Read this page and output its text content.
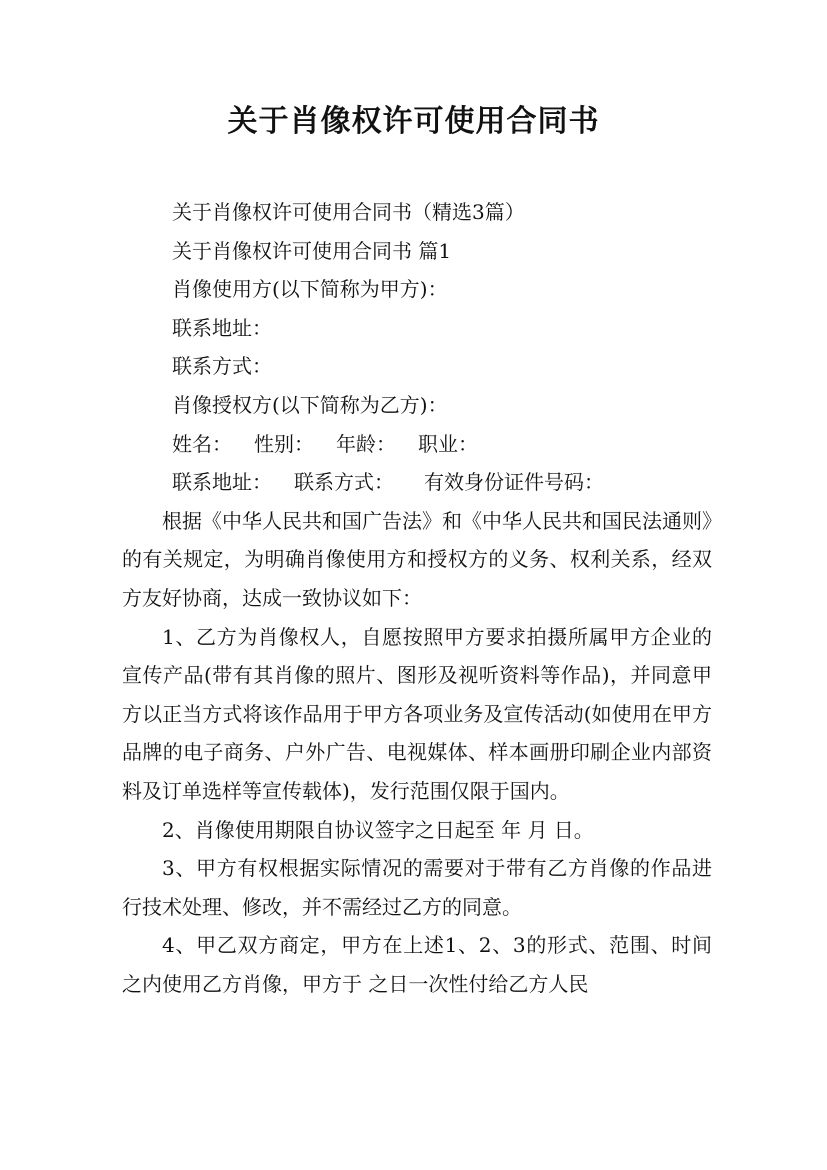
关于肖像权许可使用合同书
关于肖像权许可使用合同书（精选3篇）
关于肖像权许可使用合同书 篇1
肖像使用方(以下简称为甲方)：
联系地址：
联系方式：
肖像授权方(以下简称为乙方)：
姓名： 性别： 年龄： 职业：
联系地址： 联系方式： 有效身份证件号码：

根据《中华人民共和国广告法》和《中华人民共和国民法通则》的有关规定，为明确肖像使用方和授权方的义务、权利关系，经双方友好协商，达成一致协议如下：

1、乙方为肖像权人，自愿按照甲方要求拍摄所属甲方企业的宣传产品(带有其肖像的照片、图形及视听资料等作品)，并同意甲方以正当方式将该作品用于甲方各项业务及宣传活动(如使用在甲方品牌的电子商务、户外广告、电视媒体、样本画册印刷企业内部资料及订单选样等宣传载体)，发行范围仅限于国内。

2、肖像使用期限自协议签字之日起至 年 月 日。

3、甲方有权根据实际情况的需要对于带有乙方肖像的作品进行技术处理、修改，并不需经过乙方的同意。

4、甲乙双方商定，甲方在上述1、2、3的形式、范围、时间之内使用乙方肖像，甲方于 之日一次性付给乙方人民
